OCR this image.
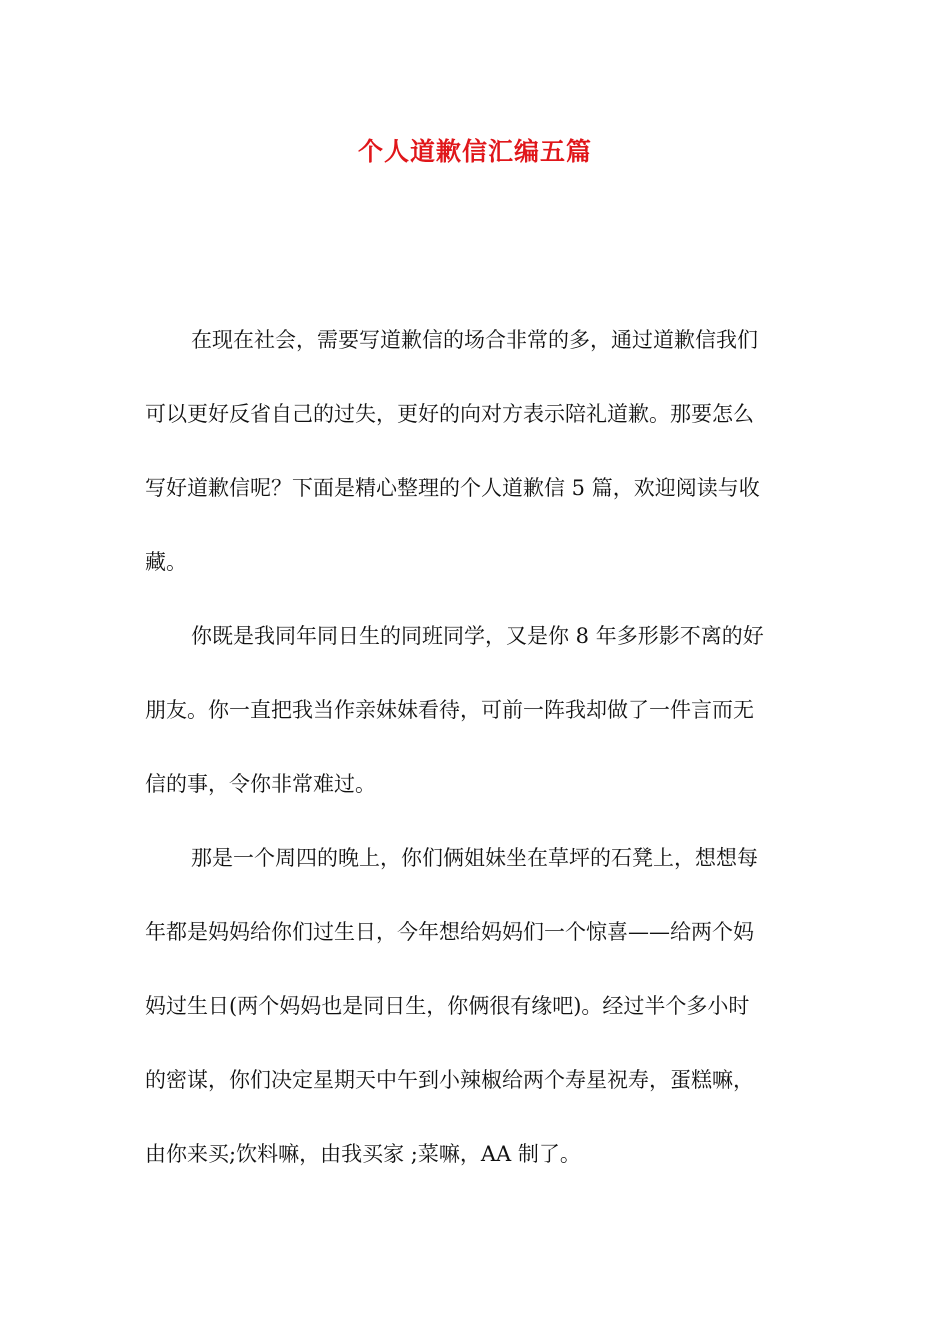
个人道歉信汇编五篇
在现在社会，需要写道歉信的场合非常的多，通过道歉信我们
可以更好反省自己的过失，更好的向对方表示陪礼道歉。那要怎么
写好道歉信呢？下面是精心整理的个人道歉信 5 篇，欢迎阅读与收
藏。
你既是我同年同日生的同班同学，又是你 8 年多形影不离的好
朋友。你一直把我当作亲妹妹看待，可前一阵我却做了一件言而无
信的事，令你非常难过。
那是一个周四的晚上，你们俩姐妹坐在草坪的石凳上，想想每
年都是妈妈给你们过生日，今年想给妈妈们一个惊喜——给两个妈
妈过生日(两个妈妈也是同日生，你俩很有缘吧)。经过半个多小时
的密谋，你们决定星期天中午到小辣椒给两个寿星祝寿，蛋糕嘛，
由你来买;饮料嘛，由我买家 ;菜嘛，AA 制了。
